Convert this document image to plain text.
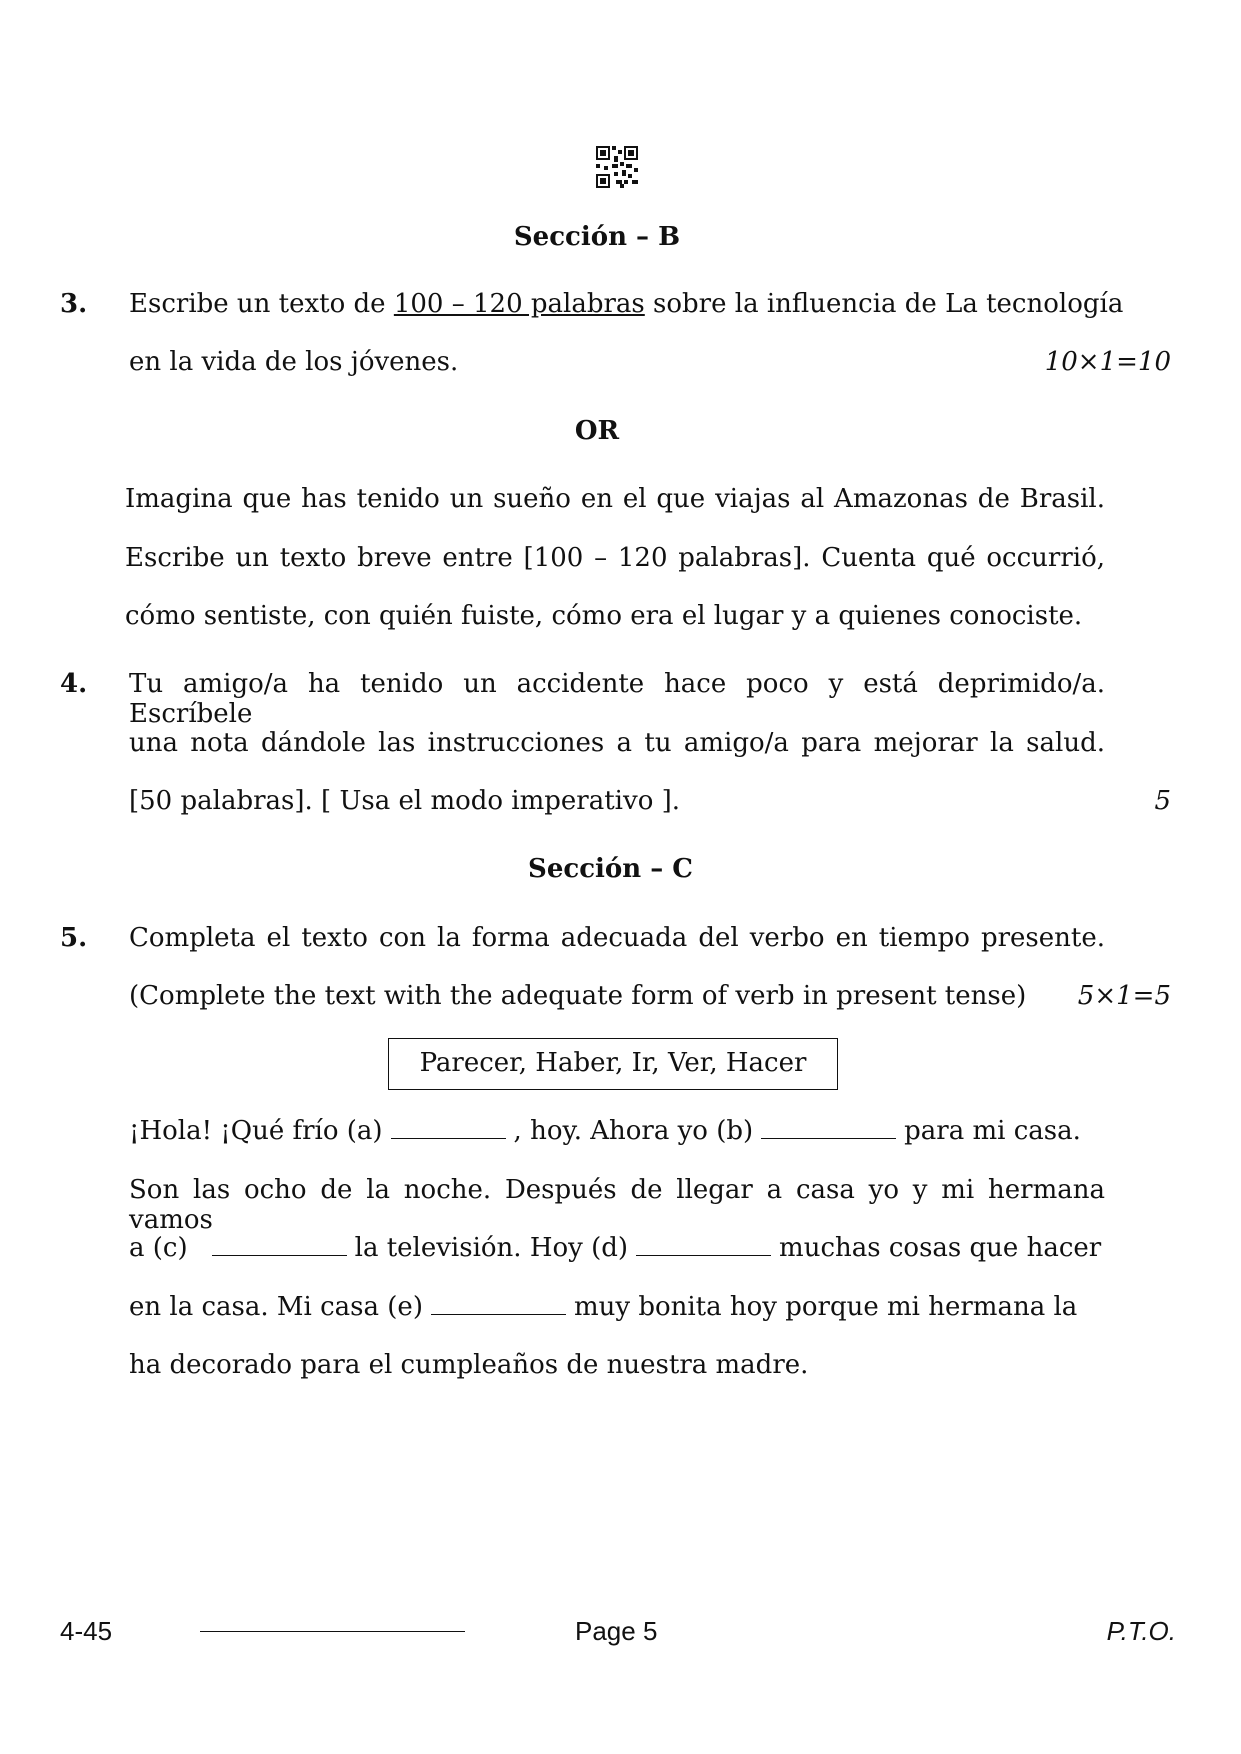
Sección – B
3. Escribe un texto de 100 – 120 palabras sobre la influencia de La tecnología
en la vida de los jóvenes.	10×1=10
OR
Imagina que has tenido un sueño en el que viajas al Amazonas de Brasil.
Escribe un texto breve entre [100 – 120 palabras]. Cuenta qué occurrió,
cómo sentiste, con quién fuiste, cómo era el lugar y a quienes conociste.
4. Tu amigo/a ha tenido un accidente hace poco y está deprimido/a. Escríbele
una nota dándole las instrucciones a tu amigo/a para mejorar la salud.
[50 palabras]. [ Usa el modo imperativo ].	5
Sección – C
5. Completa el texto con la forma adecuada del verbo en tiempo presente.
(Complete the text with the adequate form of verb in present tense) 5×1=5
Parecer, Haber, Ir, Ver, Hacer
¡Hola! ¡Qué frío (a)	, hoy. Ahora yo (b)	para mi casa.
Son las ocho de la noche. Después de llegar a casa yo y mi hermana vamos
a (c)	la televisión. Hoy (d)	muchas cosas que hacer
en la casa. Mi casa (e)	muy bonita hoy porque mi hermana la
ha decorado para el cumpleaños de nuestra madre.
4-45	Page 5	P.T.O.
